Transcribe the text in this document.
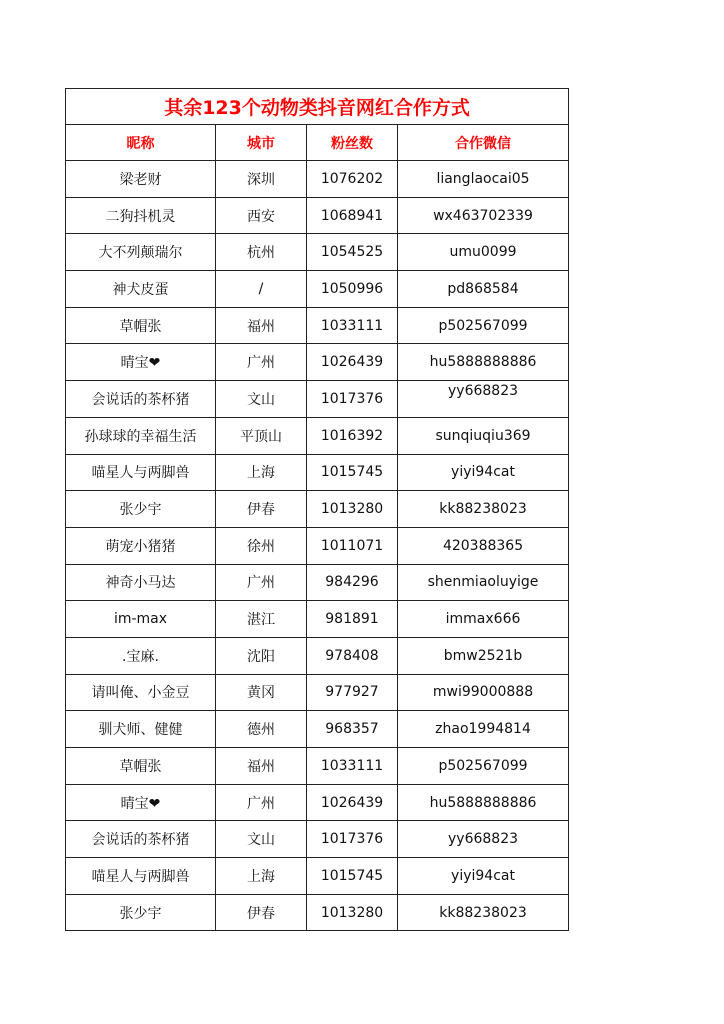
其余123个动物类抖音网红合作方式			
昵称	城市	粉丝数	合作微信
梁老财	深圳	1076202	lianglaocai05
二狗抖机灵	西安	1068941	wx463702339
大不列颠瑞尔	杭州	1054525	umu0099
神犬皮蛋	/	1050996	pd868584
草帽张	福州	1033111	p502567099
晴宝❤	广州	1026439	hu5888888886
会说话的茶杯猪	文山	1017376	yy668823
孙球球的幸福生活	平顶山	1016392	sunqiuqiu369
喵星人与两脚兽	上海	1015745	yiyi94cat
张少宇	伊春	1013280	kk88238023
萌宠小猪猪	徐州	1011071	420388365
神奇小马达	广州	984296	shenmiaoluyige
im-max	湛江	981891	immax666
.宝麻.	沈阳	978408	bmw2521b
请叫俺、小金豆	黄冈	977927	mwi99000888
驯犬师、健健	德州	968357	zhao1994814
草帽张	福州	1033111	p502567099
晴宝❤	广州	1026439	hu5888888886
会说话的茶杯猪	文山	1017376	yy668823
喵星人与两脚兽	上海	1015745	yiyi94cat
张少宇	伊春	1013280	kk88238023
